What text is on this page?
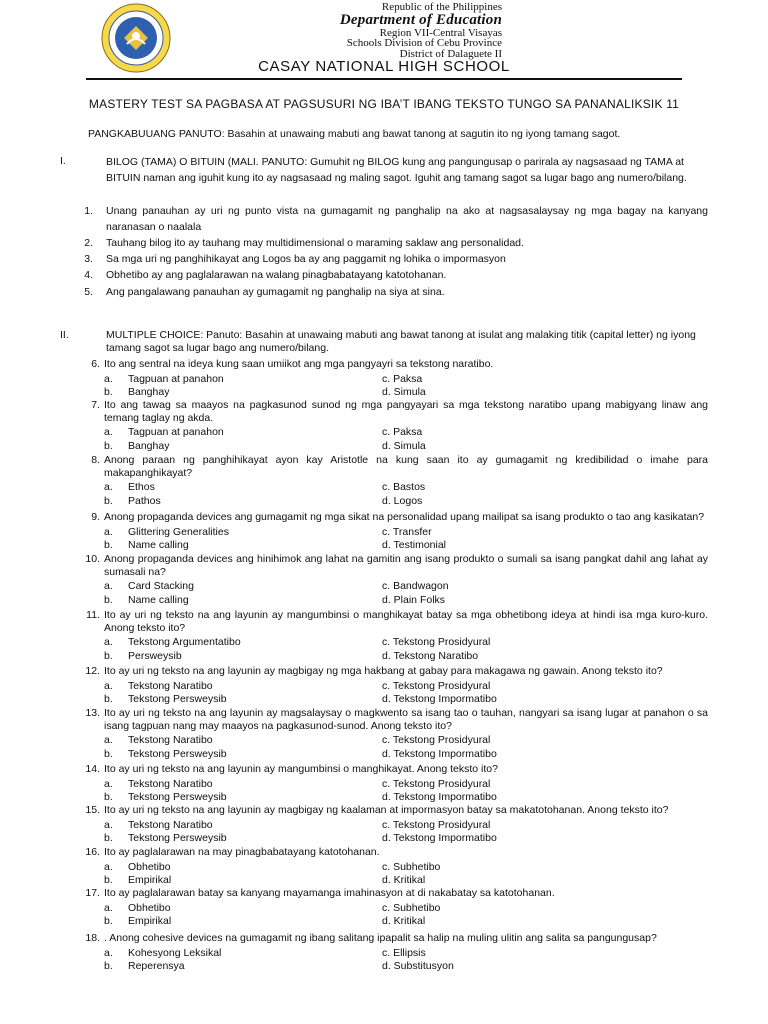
Republic of the Philippines
Department of Education
Region VII-Central Visayas
Schools Division of Cebu Province
District of Dalaguete II
CASAY NATIONAL HIGH SCHOOL
MASTERY TEST SA PAGBASA AT PAGSUSURI NG IBA’T IBANG TEKSTO TUNGO SA PANANALIKSIK 11
PANGKABUUANG PANUTO: Basahin at unawaing mabuti ang bawat tanong at sagutin ito ng iyong tamang sagot.
I.	BILOG (TAMA) O BITUIN (MALI. PANUTO: Gumuhit ng BILOG kung ang pangungusap o parirala ay nagsasaad ng TAMA at BITUIN naman ang iguhit kung ito ay nagsasaad ng maling sagot. Iguhit ang tamang sagot sa lugar bago ang numero/bilang.
1. Unang panauhan ay uri ng punto vista na gumagamit ng panghalip na ako at nagsasalaysay ng mga bagay na kanyang naranasan o naalala
2. Tauhang bilog ito ay tauhang may multidimensional o maraming saklaw ang personalidad.
3. Sa mga uri ng panghihikayat ang Logos ba ay ang paggamit ng lohika o impormasyon
4. Obhetibo ay ang paglalarawan na walang pinagbabatayang katotohanan.
5. Ang pangalawang panauhan ay gumagamit ng panghalip na siya at sina.
II.	MULTIPLE CHOICE: Panuto: Basahin at unawaing mabuti ang bawat tanong at isulat ang malaking titik (capital letter) ng iyong tamang sagot sa lugar bago ang numero/bilang.
6. Ito ang sentral na ideya kung saan umiikot ang mga pangyayri sa tekstong naratibo.
a. Tagpuan at panahon	c. Paksa
b. Banghay	d. Simula
7. Ito ang tawag sa maayos na pagkasunod sunod ng mga pangyayari sa mga tekstong naratibo upang mabigyang linaw ang temang taglay ng akda.
a. Tagpuan at panahon	c. Paksa
b. Banghay	d. Simula
8. Anong paraan ng panghihikayat ayon kay Aristotle na kung saan ito ay gumagamit ng kredibilidad o imahe para makapanghikayat?
a. Ethos	c. Bastos
b. Pathos	d. Logos
9. Anong propaganda devices ang gumagamit ng mga sikat na personalidad upang mailipat sa isang produkto o tao ang kasikatan?
a. Glittering Generalities	c. Transfer
b. Name calling	d. Testimonial
10. Anong propaganda devices ang hinihimok ang lahat na gamitin ang isang produkto o sumali sa isang pangkat dahil ang lahat ay sumasali na?
a. Card Stacking	c. Bandwagon
b. Name calling	d. Plain Folks
11. Ito ay uri ng teksto na ang layunin ay mangumbinsi o manghikayat batay sa mga obhetibong ideya at hindi isa mga kuro-kuro. Anong teksto ito?
a. Tekstong Argumentatibo	c. Tekstong Prosidyural
b. Persweysib	d. Tekstong Naratibo
12. Ito ay uri ng teksto na ang layunin ay magbigay ng mga hakbang at gabay para makagawa ng gawain. Anong teksto ito?
a. Tekstong Naratibo	c. Tekstong Prosidyural
b. Tekstong Persweysib	d. Tekstong Impormatibo
13. Ito ay uri ng teksto na ang layunin ay magsalaysay o magkwento sa isang tao o tauhan, nangyari sa isang lugar at panahon o sa isang tagpuan nang may maayos na pagkasunod-sunod. Anong teksto ito?
a. Tekstong Naratibo	c. Tekstong Prosidyural
b. Tekstong Persweysib	d. Tekstong Impormatibo
14. Ito ay uri ng teksto na ang layunin ay mangumbinsi o manghikayat. Anong teksto ito?
a. Tekstong Naratibo	c. Tekstong Prosidyural
b. Tekstong Persweysib	d. Tekstong Impormatibo
15. Ito ay uri ng teksto na ang layunin ay magbigay ng kaalaman at impormasyon batay sa makatotohanan. Anong teksto ito?
a. Tekstong Naratibo	c. Tekstong Prosidyural
b. Tekstong Persweysib	d. Tekstong Impormatibo
16. Ito ay paglalarawan na may pinagbabatayang katotohanan.
a. Obhetibo	c. Subhetibo
b. Empirikal	d. Kritikal
17. Ito ay paglalarawan batay sa kanyang mayamanga imahinasyon at di nakabatay sa katotohanan.
a. Obhetibo	c. Subhetibo
b. Empirikal	d. Kritikal
18. . Anong cohesive devices na gumagamit ng ibang salitang ipapalit sa halip na muling ulitin ang salita sa pangungusap?
a. Kohesyong Leksikal	c. Ellipsis
b. Reperensya	d. Substitusyon
